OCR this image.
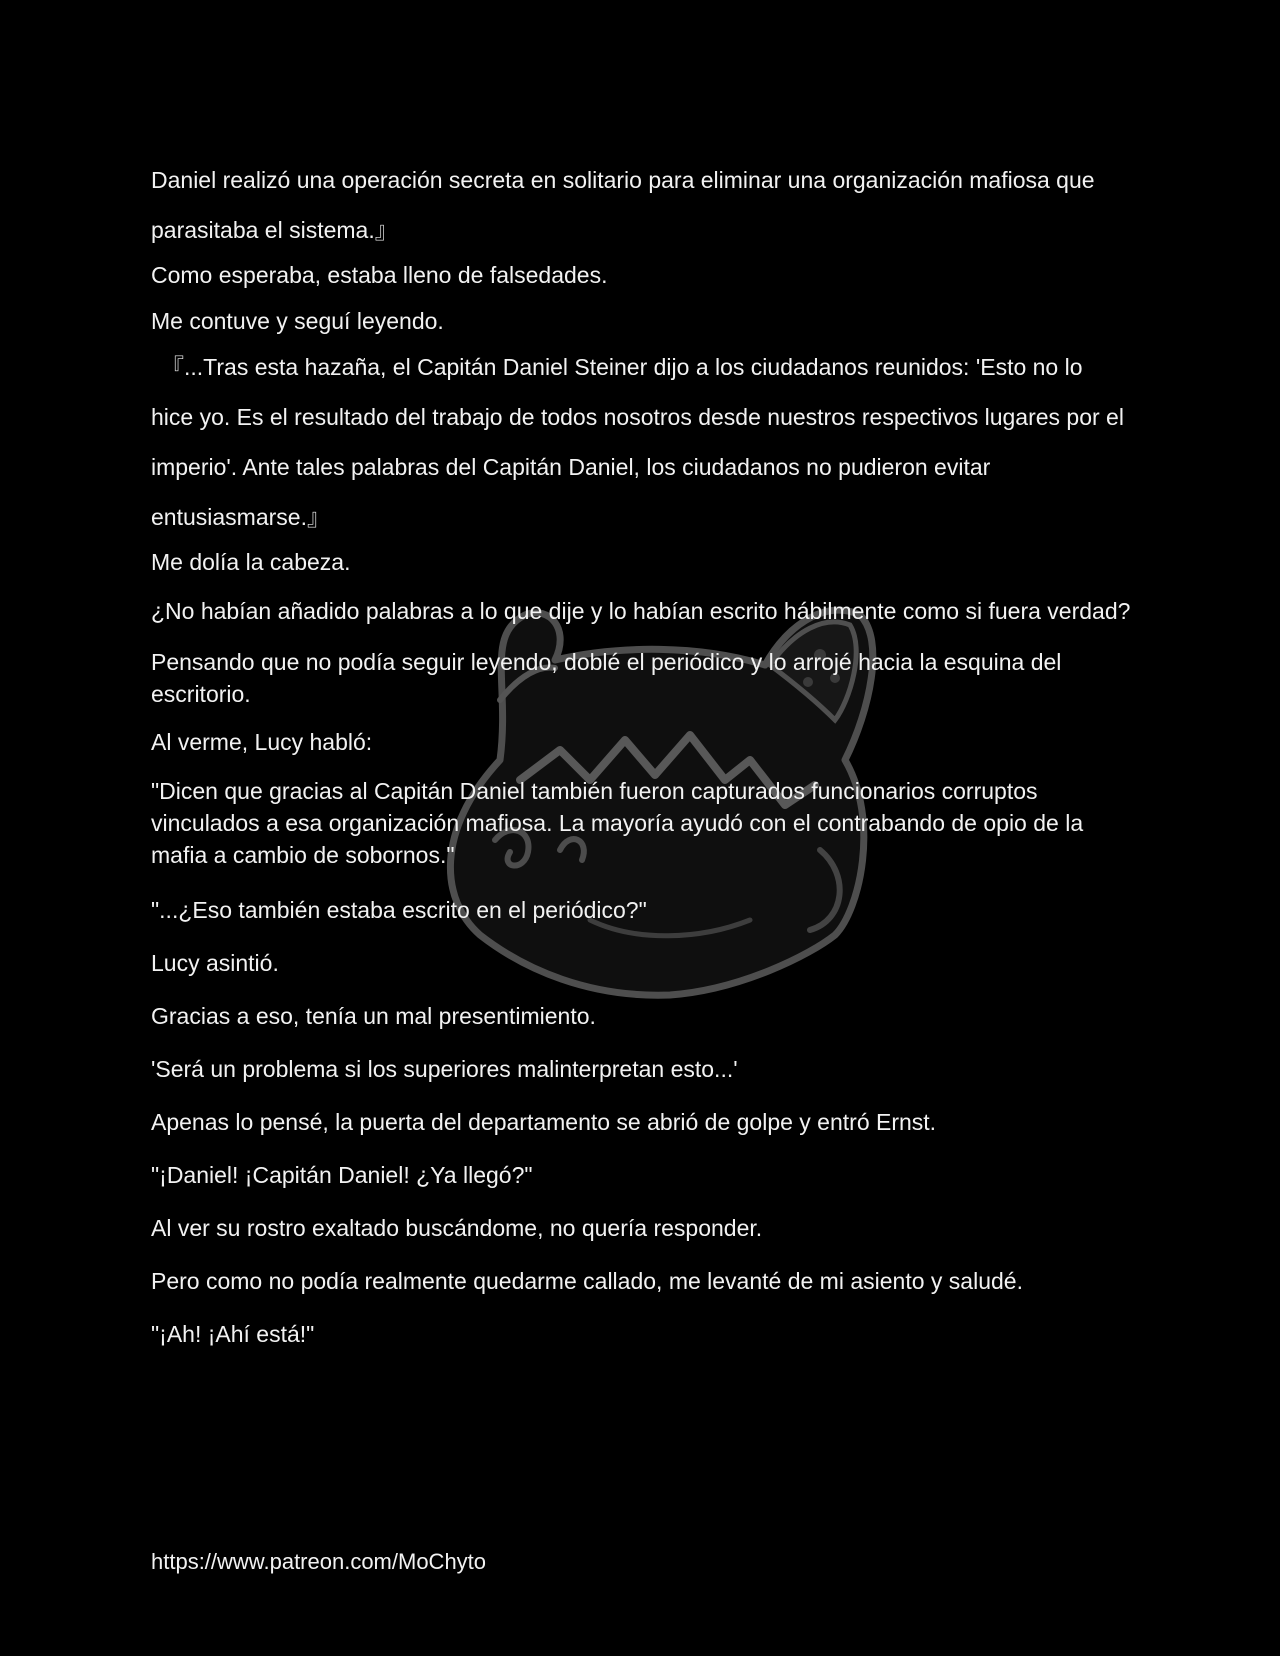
Daniel realizó una operación secreta en solitario para eliminar una organización mafiosa que parasitaba el sistema.』

Como esperaba, estaba lleno de falsedades.

Me contuve y seguí leyendo.

『...Tras esta hazaña, el Capitán Daniel Steiner dijo a los ciudadanos reunidos: 'Esto no lo hice yo. Es el resultado del trabajo de todos nosotros desde nuestros respectivos lugares por el imperio'. Ante tales palabras del Capitán Daniel, los ciudadanos no pudieron evitar entusiasmarse.』

Me dolía la cabeza.

¿No habían añadido palabras a lo que dije y lo habían escrito hábilmente como si fuera verdad?

Pensando que no podía seguir leyendo, doblé el periódico y lo arrojé hacia la esquina del escritorio.

Al verme, Lucy habló:

"Dicen que gracias al Capitán Daniel también fueron capturados funcionarios corruptos vinculados a esa organización mafiosa. La mayoría ayudó con el contrabando de opio de la mafia a cambio de sobornos."

"...¿Eso también estaba escrito en el periódico?"

Lucy asintió.

Gracias a eso, tenía un mal presentimiento.

'Será un problema si los superiores malinterpretan esto...'

Apenas lo pensé, la puerta del departamento se abrió de golpe y entró Ernst.

"¡Daniel! ¡Capitán Daniel! ¿Ya llegó?"

Al ver su rostro exaltado buscándome, no quería responder.

Pero como no podía realmente quedarme callado, me levanté de mi asiento y saludé.

"¡Ah! ¡Ahí está!"

https://www.patreon.com/MoChyto
